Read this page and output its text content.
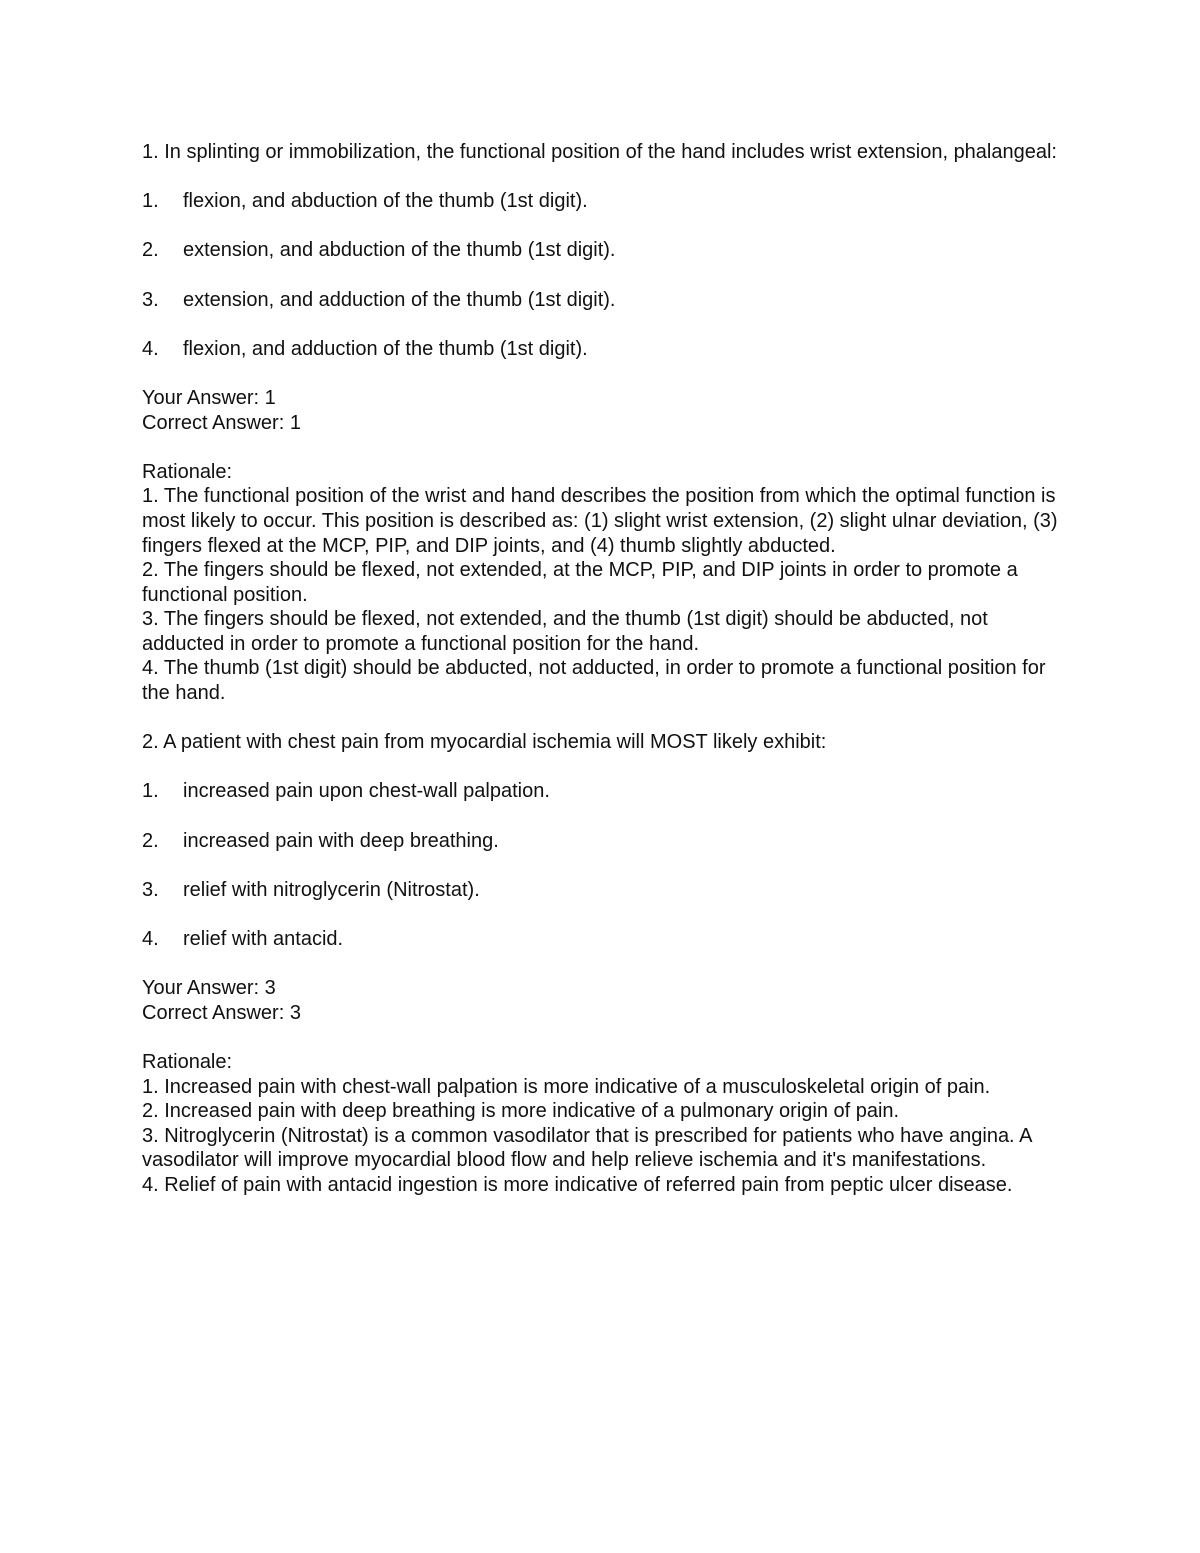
1. In splinting or immobilization, the functional position of the hand includes wrist extension, phalangeal:

1. flexion, and abduction of the thumb (1st digit).
2. extension, and abduction of the thumb (1st digit).
3. extension, and adduction of the thumb (1st digit).
4. flexion, and adduction of the thumb (1st digit).
Your Answer: 1
Correct Answer: 1
Rationale:
1. The functional position of the wrist and hand describes the position from which the optimal function is most likely to occur. This position is described as: (1) slight wrist extension, (2) slight ulnar deviation, (3) fingers flexed at the MCP, PIP, and DIP joints, and (4) thumb slightly abducted.
2. The fingers should be flexed, not extended, at the MCP, PIP, and DIP joints in order to promote a functional position.
3. The fingers should be flexed, not extended, and the thumb (1st digit) should be abducted, not adducted in order to promote a functional position for the hand.
4. The thumb (1st digit) should be abducted, not adducted, in order to promote a functional position for the hand.

2. A patient with chest pain from myocardial ischemia will MOST likely exhibit:

1. increased pain upon chest-wall palpation.
2. increased pain with deep breathing.
3. relief with nitroglycerin (Nitrostat).
4. relief with antacid.
Your Answer: 3
Correct Answer: 3
Rationale:
1. Increased pain with chest-wall palpation is more indicative of a musculoskeletal origin of pain.
2. Increased pain with deep breathing is more indicative of a pulmonary origin of pain.
3. Nitroglycerin (Nitrostat) is a common vasodilator that is prescribed for patients who have angina. A vasodilator will improve myocardial blood flow and help relieve ischemia and it's manifestations.
4. Relief of pain with antacid ingestion is more indicative of referred pain from peptic ulcer disease.
